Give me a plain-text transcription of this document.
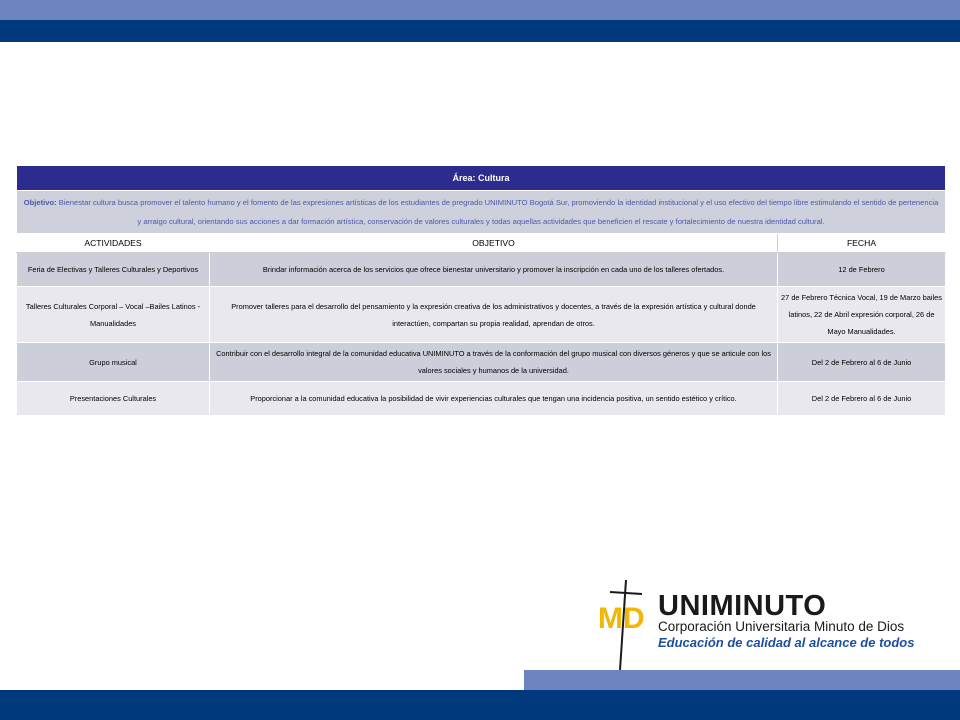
Área: Cultura		
Objetivo: Bienestar cultura busca promover el talento humano y el fomento de las expresiones artísticas de los estudiantes de pregrado UNIMINUTO Bogotá Sur, promoviendo la identidad institucional y el uso efectivo del tiempo libre estimulando el sentido de pertenencia y arraigo cultural, orientando sus acciones a dar formación artística, conservación de valores culturales y todas aquellas actividades que beneficien el rescate y fortalecimiento de nuestra identidad cultural.		
ACTIVIDADES	OBJETIVO	FECHA
Feria de Electivas y Talleres Culturales y Deportivos	Brindar información acerca de los servicios que ofrece bienestar universitario y promover la inscripción en cada uno de los talleres ofertados.	12 de Febrero
Talleres Culturales Corporal – Vocal –Bailes Latinos - Manualidades	Promover talleres para el desarrollo del pensamiento y la expresión creativa de los administrativos y docentes, a través de la expresión artística y cultural donde interactúen, compartan su propia realidad, aprendan de otros.	27 de Febrero Técnica Vocal, 19 de Marzo bailes latinos, 22 de Abril expresión corporal, 26 de Mayo Manualidades.
Grupo musical	Contribuir con el desarrollo integral de la comunidad educativa UNIMINUTO a través de la conformación del grupo musical con diversos géneros y que se articule con los valores sociales y humanos de la universidad.	Del 2 de Febrero al 6 de Junio
Presentaciones Culturales	Proporcionar a la comunidad educativa la posibilidad de vivir experiencias culturales que tengan una incidencia positiva, un sentido estético y crítico.	Del 2 de Febrero al 6 de Junio
MD UNIMINUTO
Corporación Universitaria Minuto de Dios
Educación de calidad al alcance de todos
